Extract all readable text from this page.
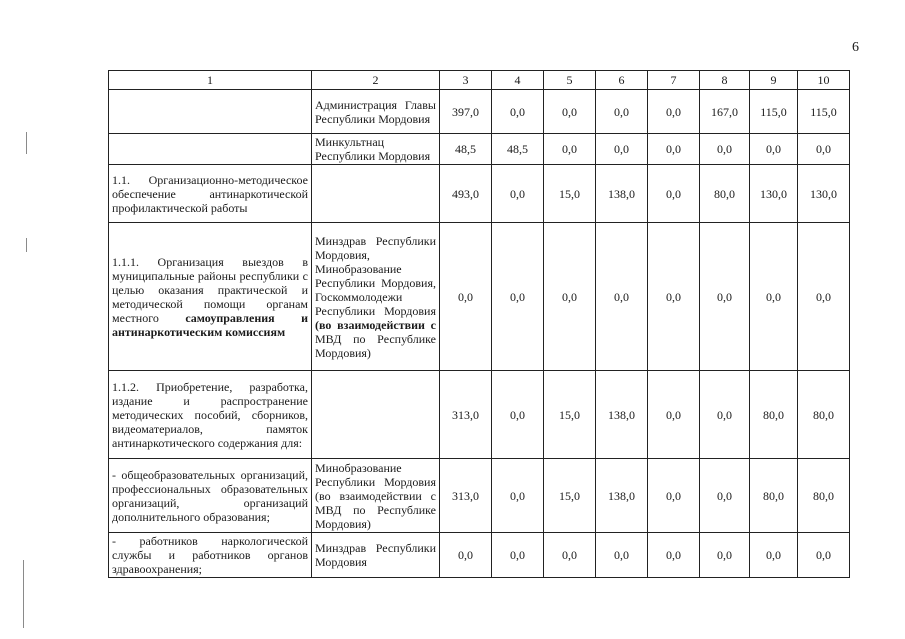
6
1	2	3	4	5	6	7	8	9	10
	Администрация Главы Республики Мордовия	397,0	0,0	0,0	0,0	0,0	167,0	115,0	115,0
	Минкультнац Республики Мордовия	48,5	48,5	0,0	0,0	0,0	0,0	0,0	0,0
1.1. Организационно-методическое обеспечение антинаркотической профилактической работы		493,0	0,0	15,0	138,0	0,0	80,0	130,0	130,0
1.1.1. Организация выездов в муниципальные районы республики с целью оказания практической и методической помощи органам местного самоуправления и антинаркотическим комиссиям	Минздрав Республики Мордовия, Минобразование Республики Мордовия, Госкоммолодежи Республики Мордовия (во взаимодействии с МВД по Республике Мордовия)	0,0	0,0	0,0	0,0	0,0	0,0	0,0	0,0
1.1.2. Приобретение, разработка, издание и распространение методических пособий, сборников, видеоматериалов, памяток антинаркотического содержания для:		313,0	0,0	15,0	138,0	0,0	0,0	80,0	80,0
- общеобразовательных организаций, профессиональных образовательных организаций, организаций дополнительного образования;	Минобразование Республики Мордовия (во взаимодействии с МВД по Республике Мордовия)	313,0	0,0	15,0	138,0	0,0	0,0	80,0	80,0
- работников наркологической службы и работников органов здравоохранения;	Минздрав Республики Мордовия	0,0	0,0	0,0	0,0	0,0	0,0	0,0	0,0
